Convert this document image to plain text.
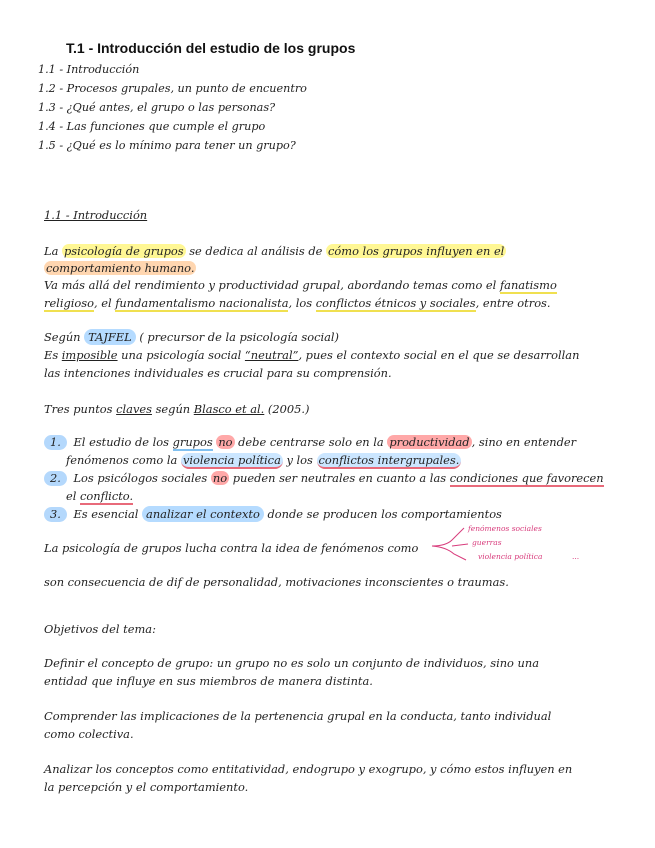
T.1 - Introducción del estudio de los grupos
1.1 - Introducción
1.2 - Procesos grupales, un punto de encuentro
1.3 - ¿Qué antes, el grupo o las personas?
1.4 - Las funciones que cumple el grupo
1.5 - ¿Qué es lo mínimo para tener un grupo?
1.1 - Introducción
La psicología de grupos se dedica al análisis de cómo los grupos influyen en el
comportamiento humano.
Va más allá del rendimiento y productividad grupal, abordando temas como el fanatismo
religioso, el fundamentalismo nacionalista, los conflictos étnicos y sociales, entre otros.
Según TAJFEL ( precursor de la psicología social)
Es imposible una psicología social “neutral”, pues el contexto social en el que se desarrollan
las intenciones individuales es crucial para su comprensión.
Tres puntos claves según Blasco et al. (2005.)
1. El estudio de los grupos no debe centrarse solo en la productividad , sino en entender
fenómenos como la violencia política y los conflictos intergrupales.
2. Los psicólogos sociales no pueden ser neutrales en cuanto a las condiciones que favorecen
el conflicto.
3. Es esencial analizar el contexto donde se producen los comportamientos
La psicología de grupos lucha contra la idea de fenómenos como
fenómenos sociales
guerras
violencia política	...
son consecuencia de dif de personalidad, motivaciones inconscientes o traumas.
Objetivos del tema:
Definir el concepto de grupo: un grupo no es solo un conjunto de individuos, sino una
entidad que influye en sus miembros de manera distinta.
Comprender las implicaciones de la pertenencia grupal en la conducta, tanto individual
como colectiva.
Analizar los conceptos como entitatividad, endogrupo y exogrupo, y cómo estos influyen en
la percepción y el comportamiento.
